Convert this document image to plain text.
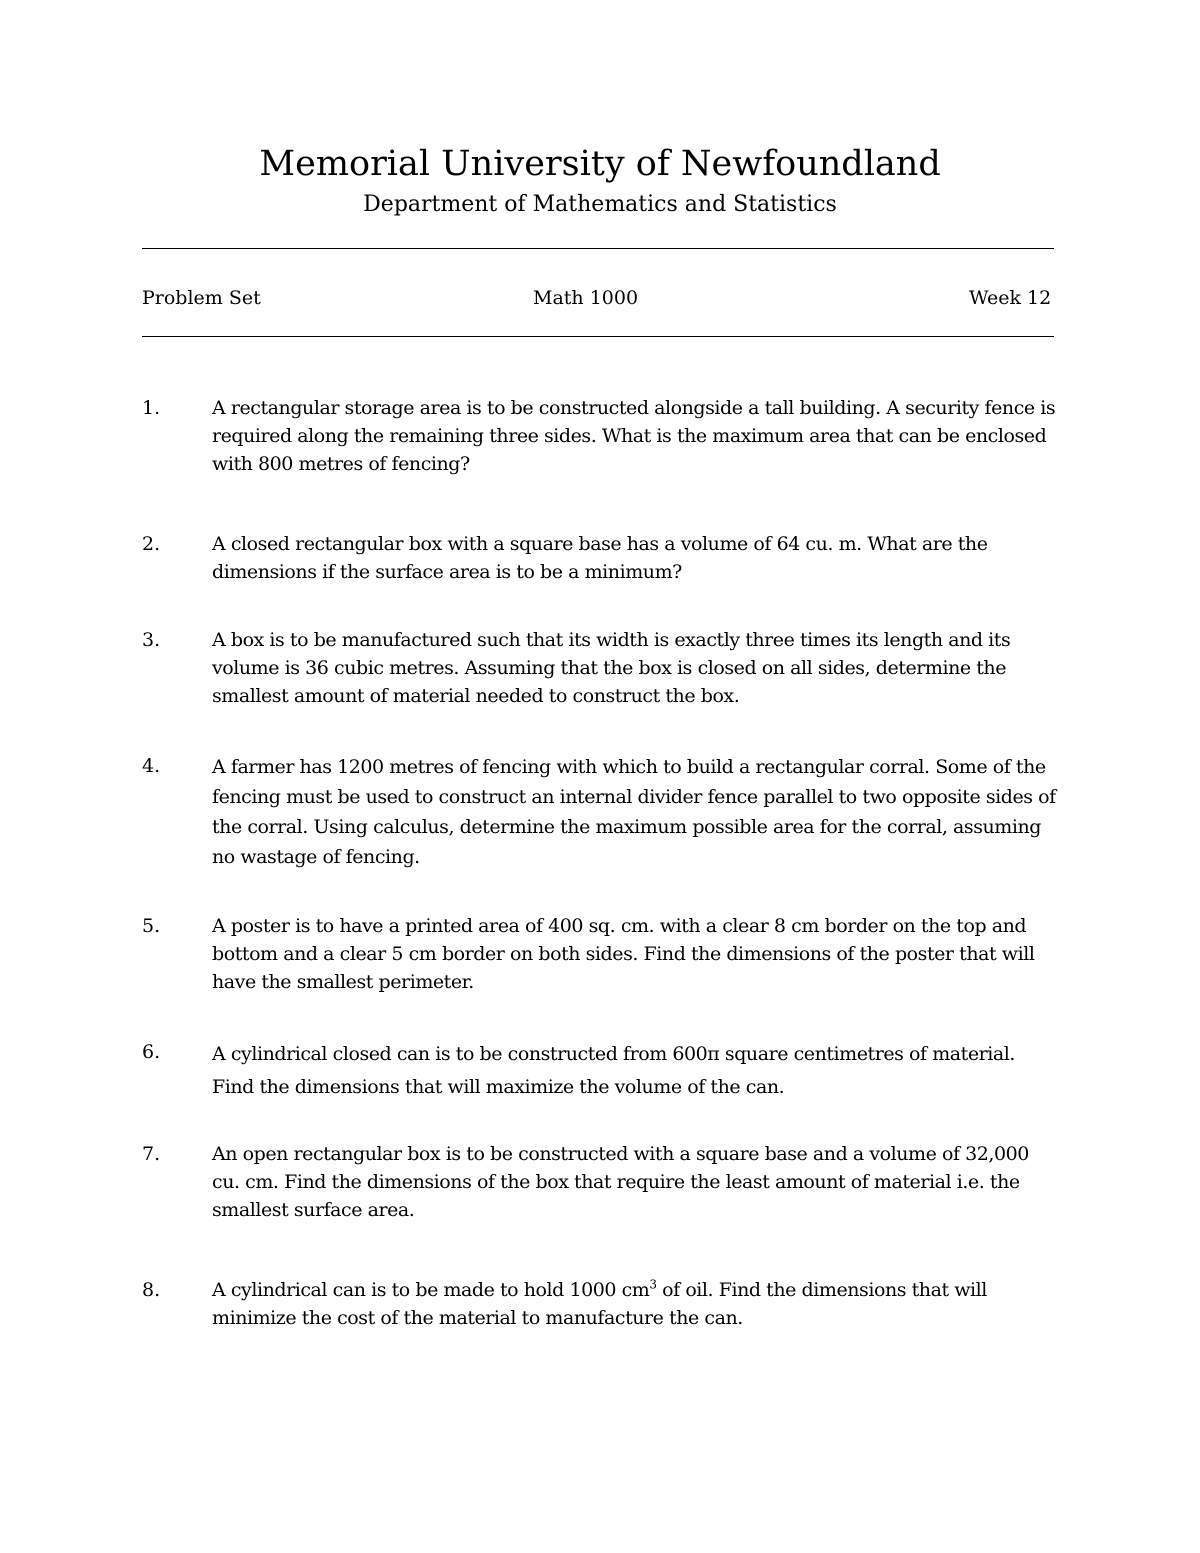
Memorial University of Newfoundland
Department of Mathematics and Statistics
Problem Set	Math 1000	Week 12
1.	A rectangular storage area is to be constructed alongside a tall building. A security fence is required along the remaining three sides. What is the maximum area that can be enclosed with 800 metres of fencing?
2.	A closed rectangular box with a square base has a volume of 64 cu. m. What are the dimensions if the surface area is to be a minimum?
3.	A box is to be manufactured such that its width is exactly three times its length and its volume is 36 cubic metres. Assuming that the box is closed on all sides, determine the smallest amount of material needed to construct the box.
4.	A farmer has 1200 metres of fencing with which to build a rectangular corral. Some of the fencing must be used to construct an internal divider fence parallel to two opposite sides of the corral. Using calculus, determine the maximum possible area for the corral, assuming no wastage of fencing.
5.	A poster is to have a printed area of 400 sq. cm. with a clear 8 cm border on the top and bottom and a clear 5 cm border on both sides. Find the dimensions of the poster that will have the smallest perimeter.
6.	A cylindrical closed can is to be constructed from 600π square centimetres of material. Find the dimensions that will maximize the volume of the can.
7.	An open rectangular box is to be constructed with a square base and a volume of 32,000 cu. cm. Find the dimensions of the box that require the least amount of material i.e. the smallest surface area.
8.	A cylindrical can is to be made to hold 1000 $cm^3$ of oil. Find the dimensions that will minimize the cost of the material to manufacture the can.
